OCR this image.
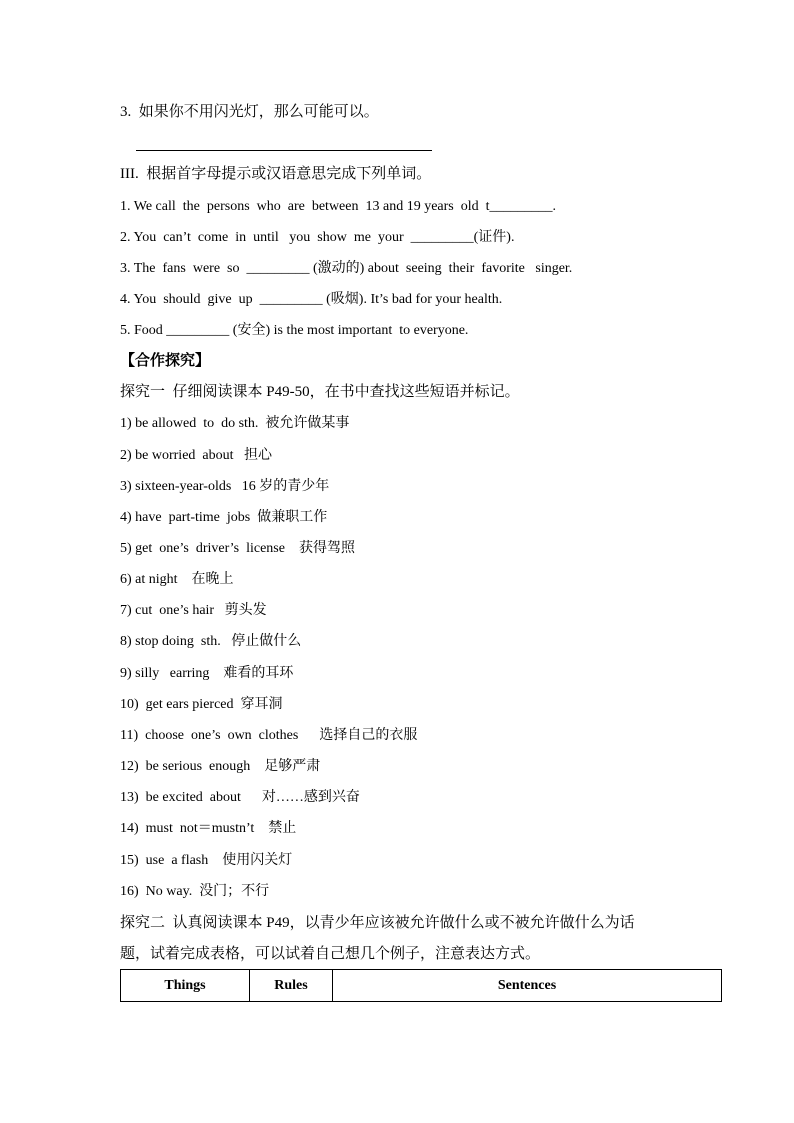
3.  如果你不用闪光灯，那么可能可以。
III.  根据首字母提示或汉语意思完成下列单词。
1. We call  the  persons  who  are  between  13 and 19 years  old  t_________.
2. You  can’t  come  in  until   you  show  me  your  _________(证件).
3. The  fans  were  so  _________ (激动的) about  seeing  their  favorite   singer.
4. You  should  give  up  _________ (吸烟). It’s bad for your health.
5. Food _________ (安全) is the most important  to everyone.
【合作探究】
探究一  仔细阅读课本 P49-50，在书中查找这些短语并标记。
1) be allowed  to  do sth.  被允许做某事
2) be worried  about   担心
3) sixteen-year-olds   16 岁的青少年
4) have  part-time  jobs  做兼职工作
5) get  one’s  driver’s  license    获得驾照
6) at night    在晚上
7) cut  one’s hair   剪头发
8) stop doing  sth.   停止做什么
9) silly   earring    难看的耳环
10)  get ears pierced  穿耳洞
11)  choose  one’s  own  clothes      选择自己的衣服
12)  be serious  enough    足够严肃
13)  be excited  about      对……感到兴奋
14)  must  not＝mustn’t    禁止
15)  use  a flash    使用闪关灯
16)  No way.  没门；不行
探究二  认真阅读课本 P49，以青少年应该被允许做什么或不被允许做什么为话
题，试着完成表格，可以试着自己想几个例子，注意表达方式。
Things	Rules	Sentences
